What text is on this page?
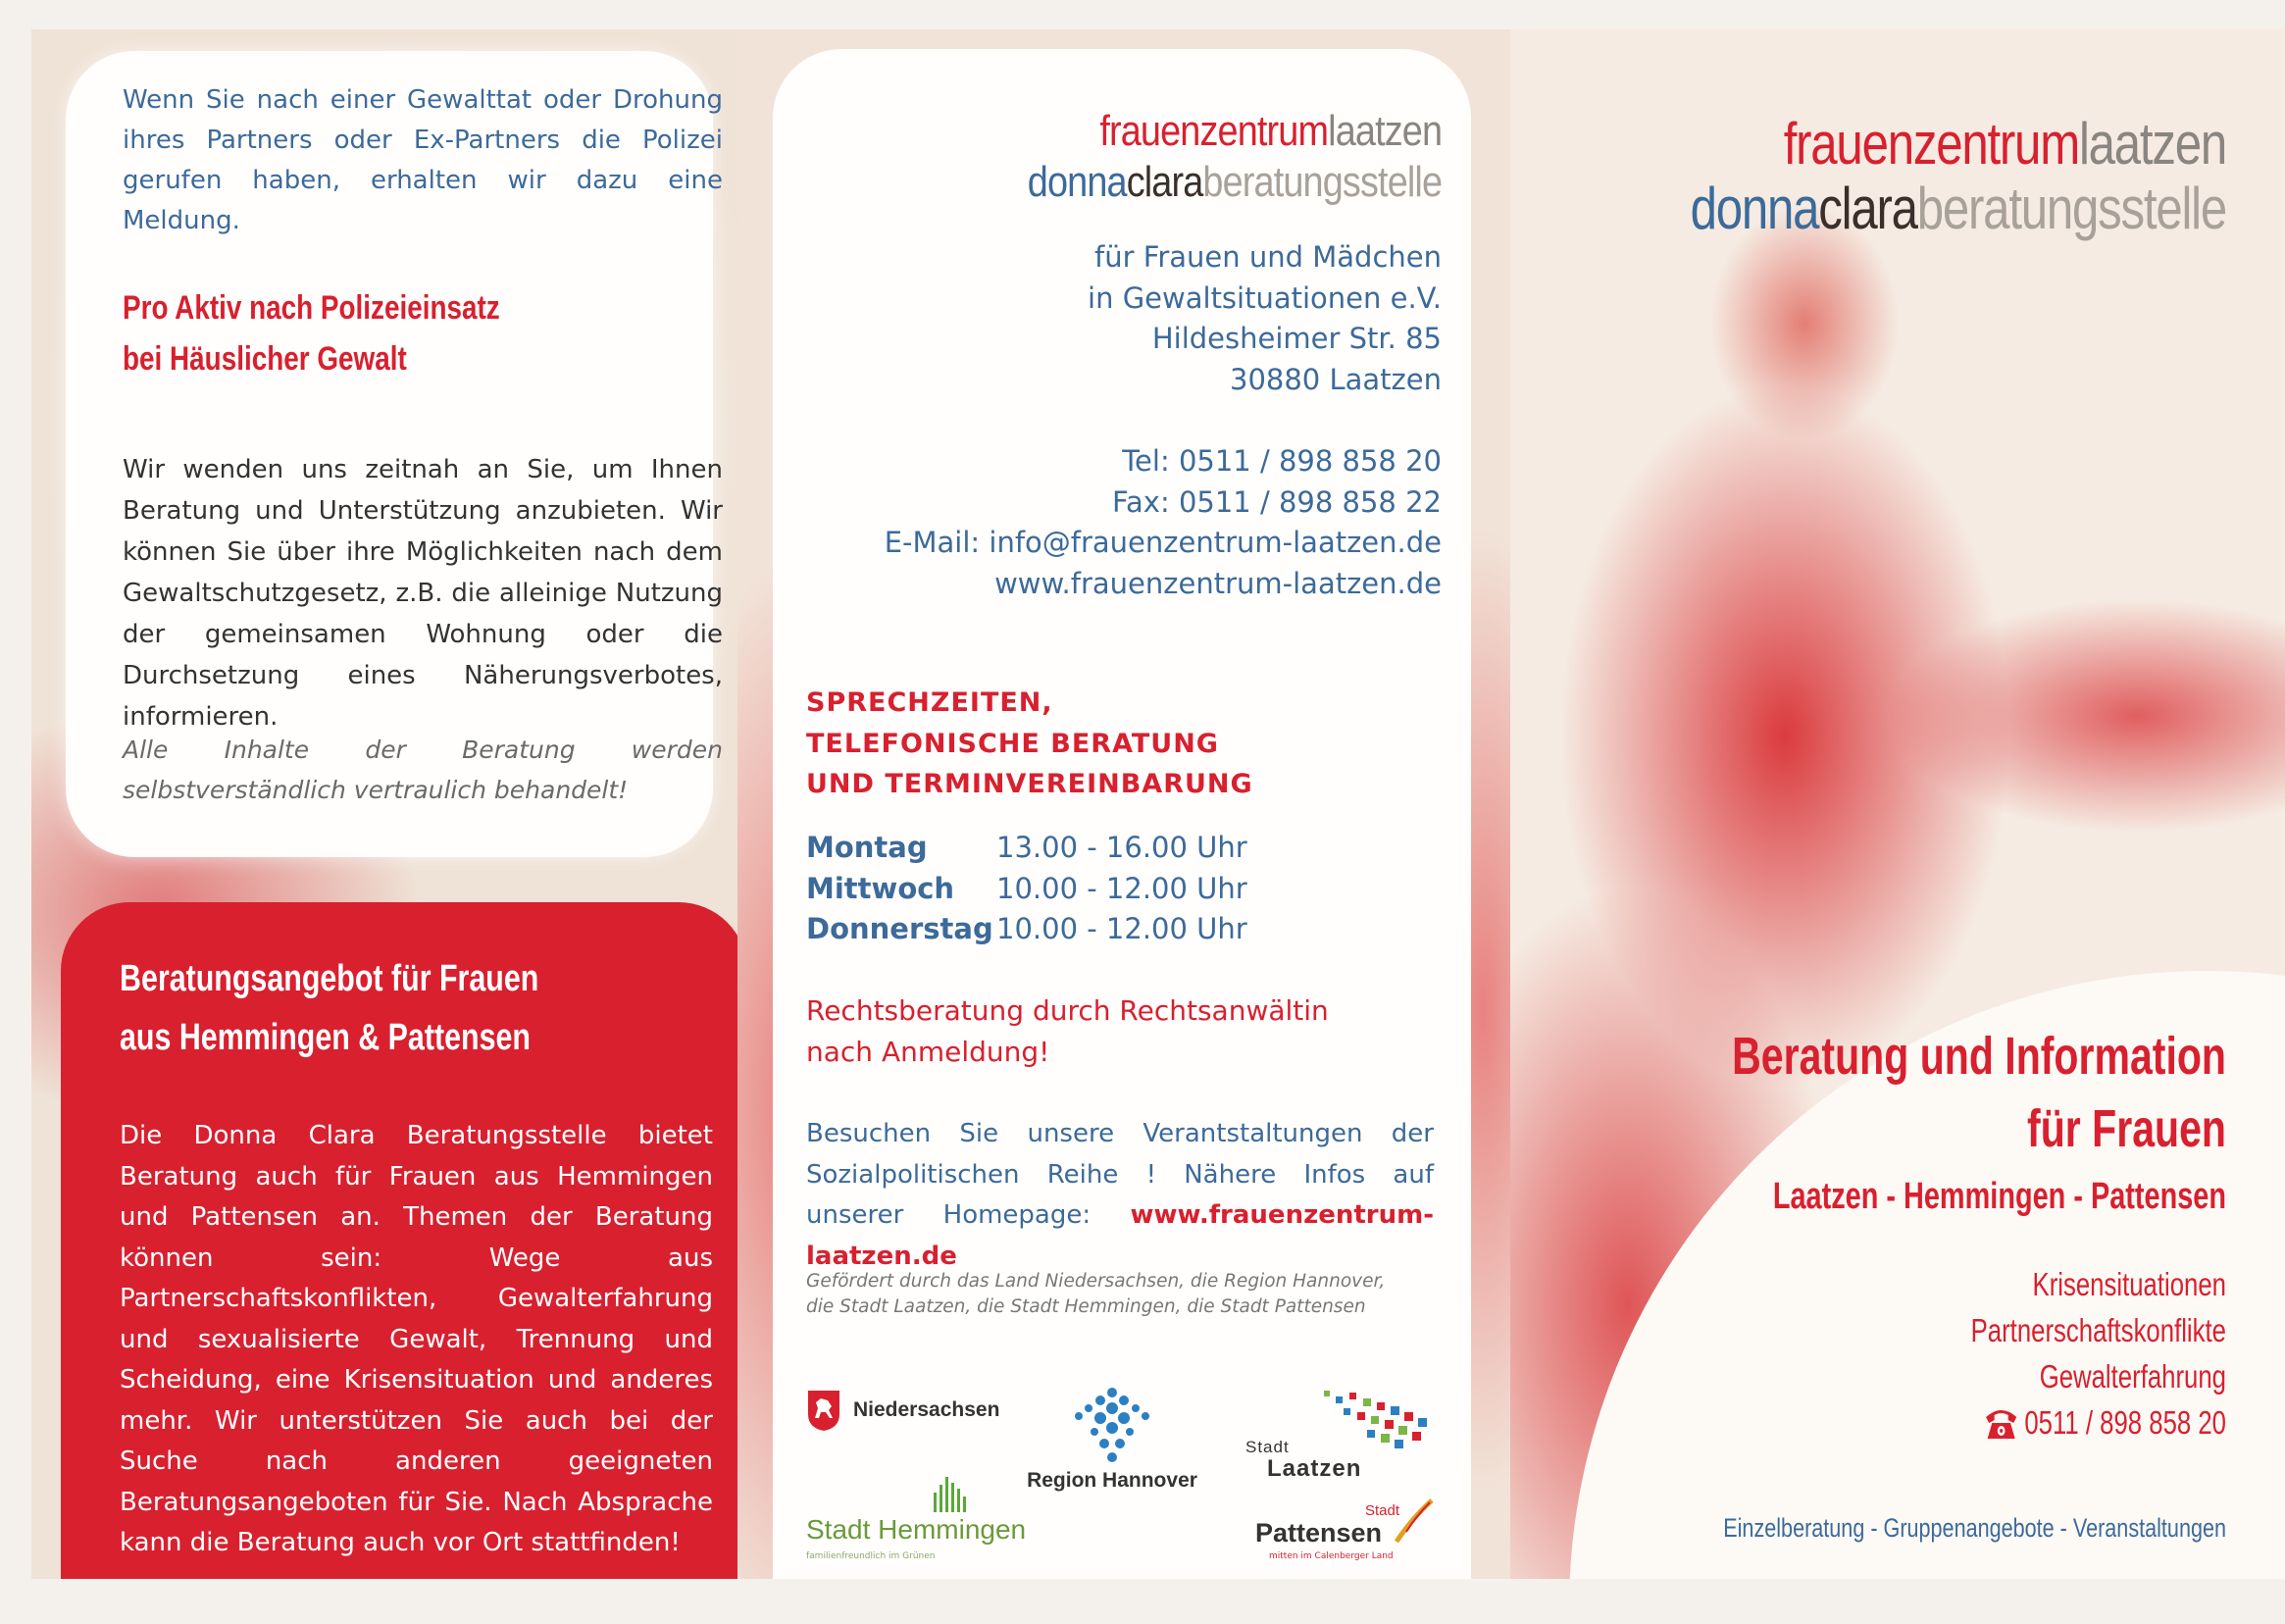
Wenn Sie nach einer Gewalttat oder Drohung ihres Partners oder Ex-Partners die Polizei gerufen haben, erhalten wir dazu eine Meldung.
Pro Aktiv nach Polizeieinsatz
bei Häuslicher Gewalt
Wir wenden uns zeitnah an Sie, um Ihnen Beratung und Unterstützung anzubieten. Wir können Sie über ihre Möglichkeiten nach dem Gewaltschutzgesetz, z.B. die alleinige Nutzung der gemeinsamen Wohnung oder die Durchsetzung eines Näherungsverbotes, informieren.
Alle Inhalte der Beratung werden selbstverständlich vertraulich behandelt!
Beratungsangebot für Frauen
aus Hemmingen & Pattensen
Die Donna Clara Beratungsstelle bietet Beratung auch für Frauen aus Hemmingen und Pattensen an. Themen der Beratung können sein: Wege aus Partnerschaftskonflikten, Gewalterfahrung und sexualisierte Gewalt, Trennung und Scheidung, eine Krisensituation und anderes mehr. Wir unterstützen Sie auch bei der Suche nach anderen geeigneten Beratungsangeboten für Sie. Nach Absprache kann die Beratung auch vor Ort stattfinden!
frauenzentrumlaatzen
donnaclaraberatungsstelle
für Frauen und Mädchen
in Gewaltsituationen e.V.
Hildesheimer Str. 85
30880 Laatzen
Tel: 0511 / 898 858 20
Fax: 0511 / 898 858 22
E-Mail: info@frauenzentrum-laatzen.de
www.frauenzentrum-laatzen.de
SPRECHZEITEN,
TELEFONISCHE BERATUNG
UND TERMINVEREINBARUNG
Montag	13.00 - 16.00 Uhr
Mittwoch	10.00 - 12.00 Uhr
Donnerstag 10.00 - 12.00 Uhr
Rechtsberatung durch Rechtsanwältin
nach Anmeldung!
Besuchen Sie unsere Verantstaltungen der Sozialpolitischen Reihe ! Nähere Infos auf unserer Homepage: www.frauenzentrum-laatzen.de
Gefördert durch das Land Niedersachsen, die Region Hannover,
die Stadt Laatzen, die Stadt Hemmingen, die Stadt Pattensen
Niedersachsen
Region Hannover
Stadt
Laatzen
Stadt Hemmingen
familienfreundlich im Grünen
Stadt
Pattensen
mitten im Calenberger Land
frauenzentrumlaatzen
donnaclaraberatungsstelle
Beratung und Information
für Frauen
Laatzen - Hemmingen - Pattensen
Krisensituationen
Partnerschaftskonflikte
Gewalterfahrung
0511 / 898 858 20
Einzelberatung - Gruppenangebote - Veranstaltungen
